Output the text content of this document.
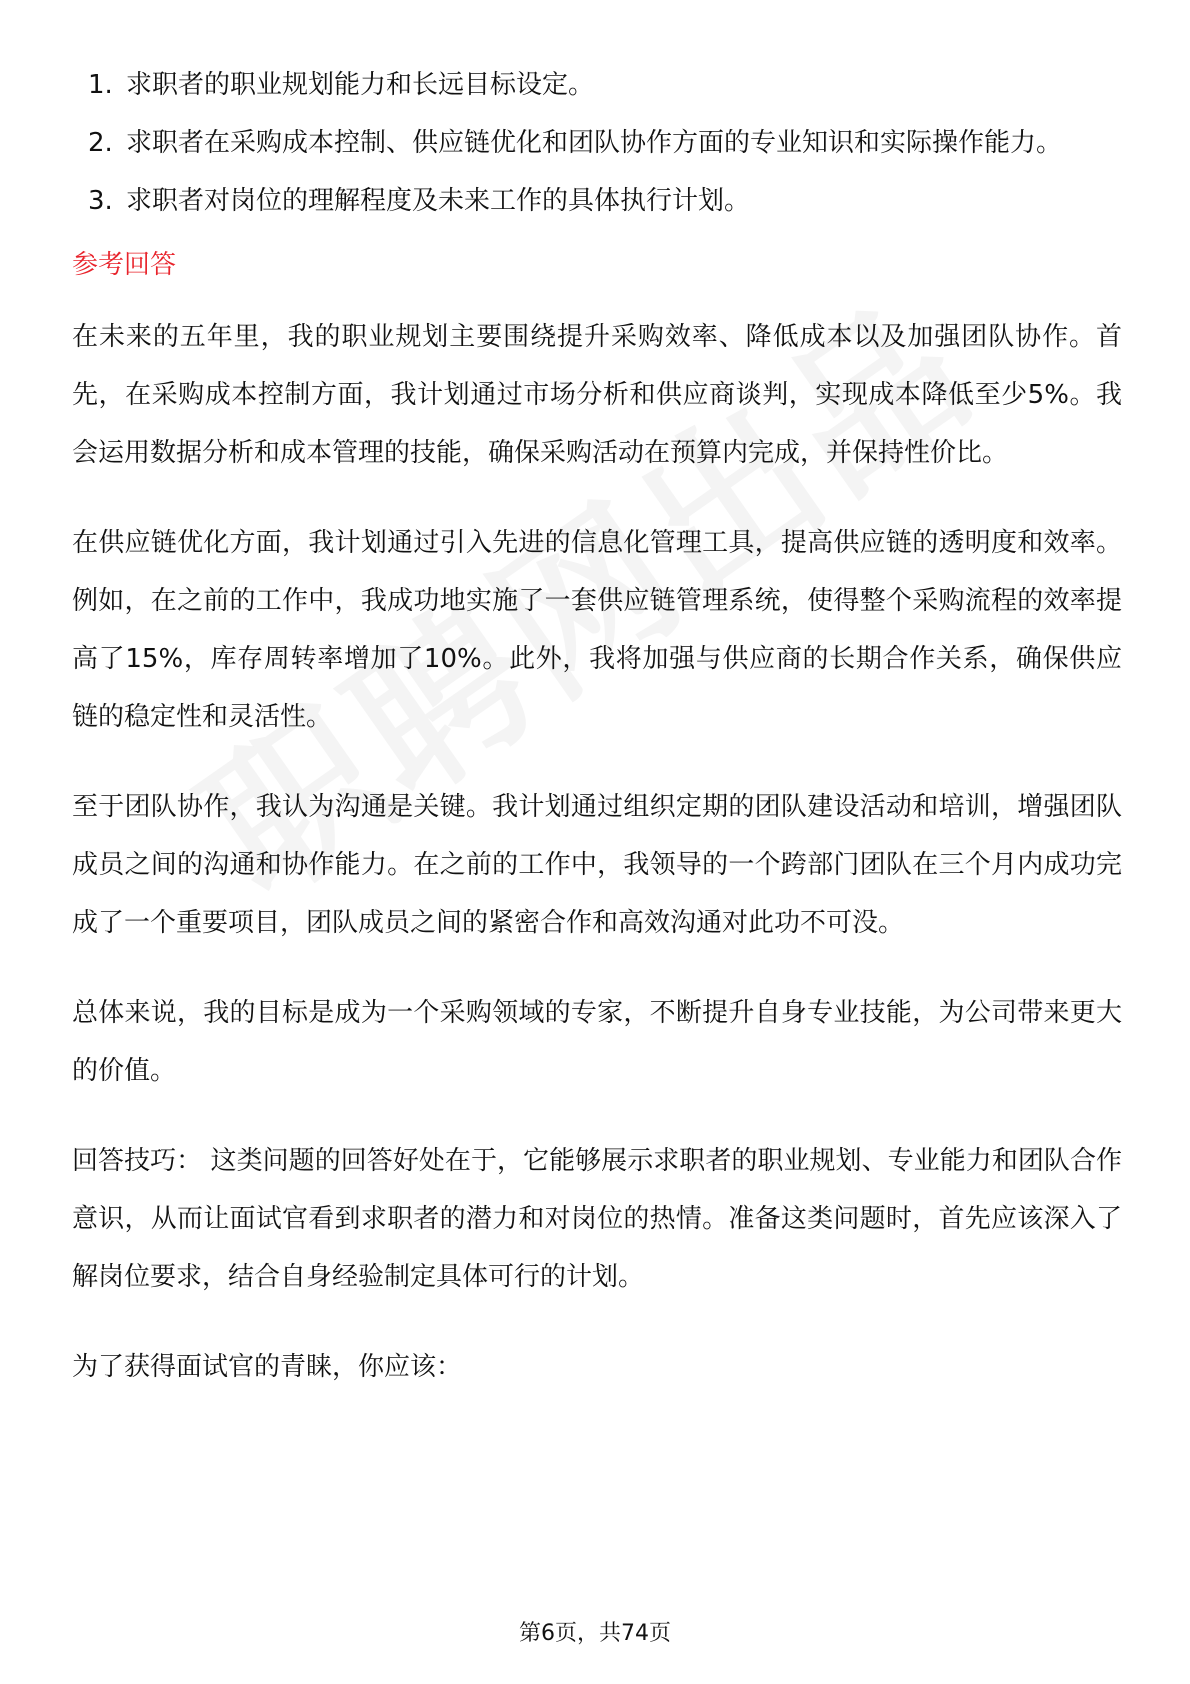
1. 求职者的职业规划能力和长远目标设定。
2. 求职者在采购成本控制、供应链优化和团队协作方面的专业知识和实际操作能力。
3. 求职者对岗位的理解程度及未来工作的具体执行计划。
参考回答

在未来的五年里，我的职业规划主要围绕提升采购效率、降低成本以及加强团队协作。首先，在采购成本控制方面，我计划通过市场分析和供应商谈判，实现成本降低至少5%。我会运用数据分析和成本管理的技能，确保采购活动在预算内完成，并保持性价比。

在供应链优化方面，我计划通过引入先进的信息化管理工具，提高供应链的透明度和效率。例如，在之前的工作中，我成功地实施了一套供应链管理系统，使得整个采购流程的效率提高了15%，库存周转率增加了10%。此外，我将加强与供应商的长期合作关系，确保供应链的稳定性和灵活性。

至于团队协作，我认为沟通是关键。我计划通过组织定期的团队建设活动和培训，增强团队成员之间的沟通和协作能力。在之前的工作中，我领导的一个跨部门团队在三个月内成功完成了一个重要项目，团队成员之间的紧密合作和高效沟通对此功不可没。

总体来说，我的目标是成为一个采购领域的专家，不断提升自身专业技能，为公司带来更大的价值。

回答技巧： 这类问题的回答好处在于，它能够展示求职者的职业规划、专业能力和团队合作意识，从而让面试官看到求职者的潜力和对岗位的热情。准备这类问题时，首先应该深入了解岗位要求，结合自身经验制定具体可行的计划。

为了获得面试官的青睐，你应该：

第6页，共74页
